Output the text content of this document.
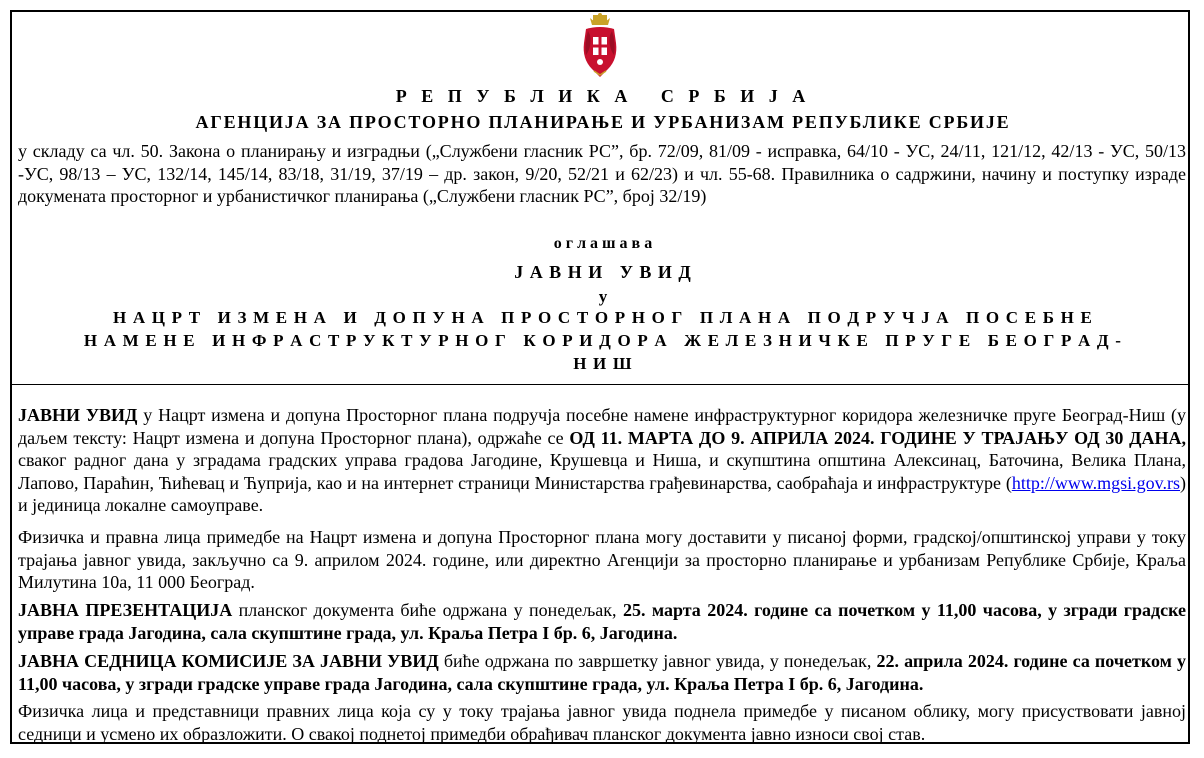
Р Е П У Б Л И К А   С Р Б И Ј А
АГЕНЦИЈА ЗА ПРОСТОРНО ПЛАНИРАЊЕ И УРБАНИЗАМ РЕПУБЛИКЕ СРБИЈЕ
у складу са чл. 50. Закона о планирању и изградњи („Службени гласник РС”, бр. 72/09, 81/09 - исправка, 64/10 - УС, 24/11, 121/12, 42/13 - УС, 50/13 -УС, 98/13 – УС, 132/14, 145/14, 83/18, 31/19, 37/19 – др. закон, 9/20, 52/21 и 62/23) и чл. 55-68. Правилника о садржини, начину и поступку израде докумената просторног и урбанистичког планирања („Службени гласник РС”, број 32/19)
о г л а ш а в а
Ј А В Н И   У В И Д
у
Н А Ц Р Т   И З М Е Н А   И   Д О П У Н А   П Р О С Т О Р Н О Г   П Л А Н А   П О Д Р У Ч Ј А   П О С Е Б Н Е
Н А М Е Н Е   И Н Ф Р А С Т Р У К Т У Р Н О Г   К О Р И Д О Р А   Ж Е Л Е З Н И Ч К Е   П Р У Г Е   Б Е О Г Р А Д -
Н И Ш
ЈАВНИ УВИД у Нацрт измена и допуна Просторног плана подручја посебне намене инфраструктурног коридора железничке пруге Београд-Ниш (у даљем тексту: Нацрт измена и допуна Просторног плана), одржаће се ОД 11. МАРТА ДО 9. АПРИЛА 2024. ГОДИНЕ У ТРАЈАЊУ ОД 30 ДАНА, сваког радног дана у зградама градских управа градова Јагодине, Крушевца и Ниша, и скупштина општина Алексинац, Баточина, Велика Плана, Лапово, Параћин, Ћићевац и Ћуприја, као и на интернет страници Министарства грађевинарства, саобраћаја и инфраструктуре (http://www.mgsi.gov.rs) и јединица локалне самоуправе.
Физичка и правна лица примедбе на Нацрт измена и допуна Просторног плана могу доставити у писаној форми, градској/општинској управи у току трајања јавног увида, закључно са 9. априлом 2024. године, или директно Агенцији за просторно планирање и урбанизам Републике Србије, Краља Милутина 10а, 11 000 Београд.
ЈАВНА ПРЕЗЕНТАЦИЈА планског документа биће одржана у понедељак, 25. марта 2024. године са почетком у 11,00 часова, у згради градске управе града Јагодина, сала скупштине града, ул. Краља Петра I бр. 6, Јагодина.
ЈАВНА СЕДНИЦА КОМИСИЈЕ ЗА ЈАВНИ УВИД биће одржана по завршетку јавног увида, у понедељак, 22. априла 2024. године са почетком у 11,00 часова, у згради градске управе града Јагодина, сала скупштине града, ул. Краља Петра I бр. 6, Јагодина.
Физичка лица и представници правних лица која су у току трајања јавног увида поднела примедбе у писаном облику, могу присуствовати јавној седници и усмено их образложити. О свакој поднетој примедби обрађивач планског документа јавно износи свој став.
